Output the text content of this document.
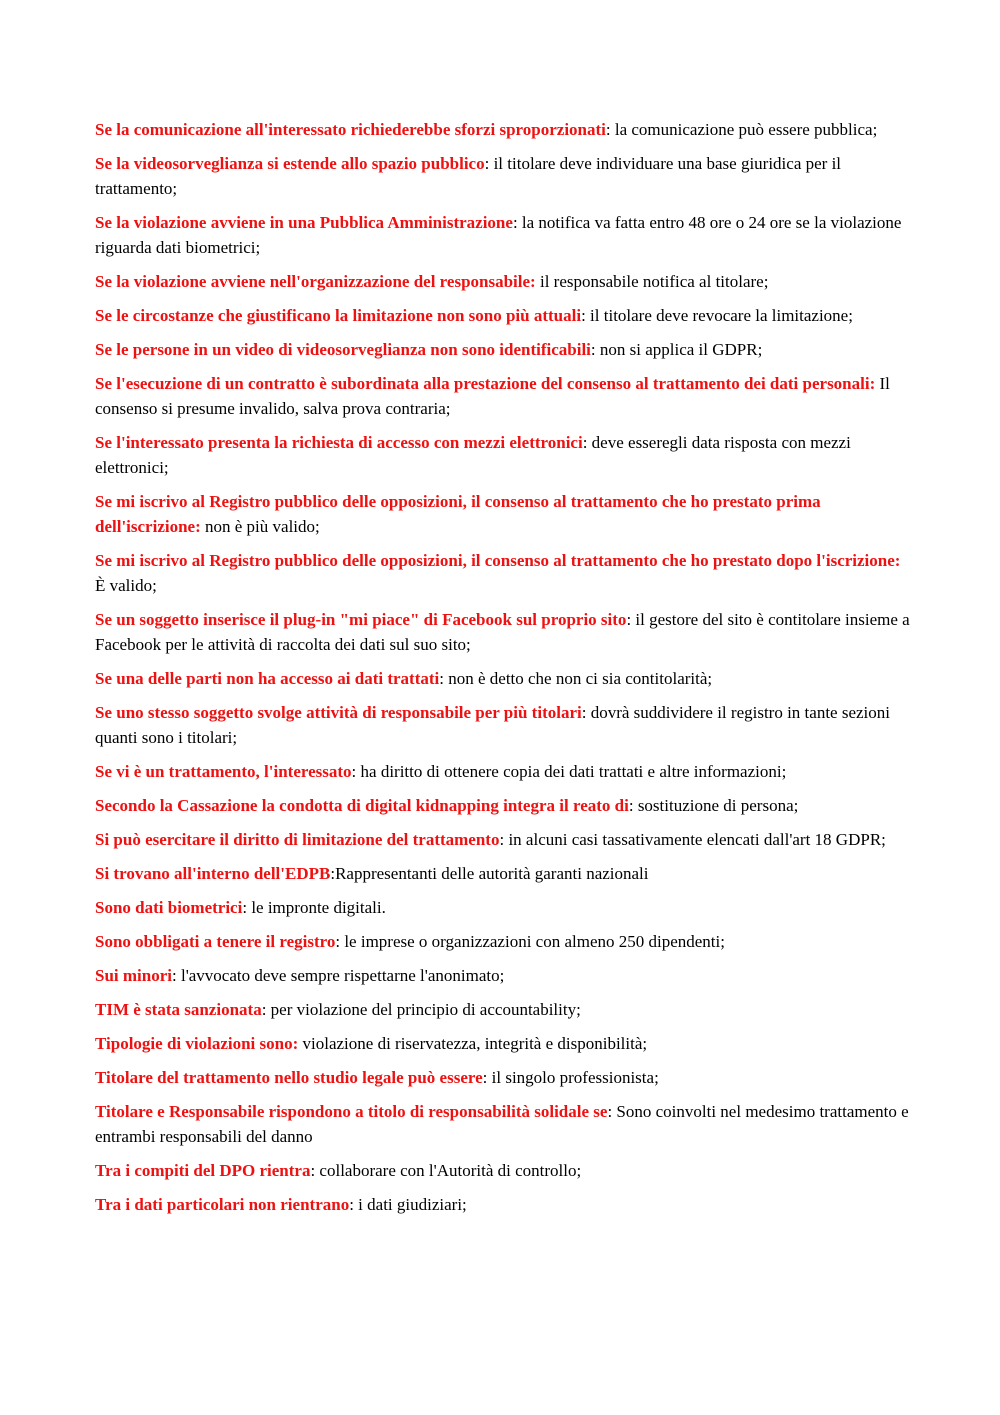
Se la comunicazione all'interessato richiederebbe sforzi sproporzionati: la comunicazione può essere pubblica;

Se la videosorveglianza si estende allo spazio pubblico: il titolare deve individuare una base giuridica per il trattamento;

Se la violazione avviene in una Pubblica Amministrazione: la notifica va fatta entro 48 ore o 24 ore se la violazione riguarda dati biometrici;

Se la violazione avviene nell'organizzazione del responsabile: il responsabile notifica al titolare;

Se le circostanze che giustificano la limitazione non sono più attuali: il titolare deve revocare la limitazione;

Se le persone in un video di videosorveglianza non sono identificabili: non si applica il GDPR;

Se l'esecuzione di un contratto è subordinata alla prestazione del consenso al trattamento dei dati personali: Il consenso si presume invalido, salva prova contraria;

Se l'interessato presenta la richiesta di accesso con mezzi elettronici: deve esseregli data risposta con mezzi elettronici;

Se mi iscrivo al Registro pubblico delle opposizioni, il consenso al trattamento che ho prestato prima dell'iscrizione: non è più valido;

Se mi iscrivo al Registro pubblico delle opposizioni, il consenso al trattamento che ho prestato dopo l'iscrizione: È valido;

Se un soggetto inserisce il plug-in "mi piace" di Facebook sul proprio sito: il gestore del sito è contitolare insieme a Facebook per le attività di raccolta dei dati sul suo sito;

Se una delle parti non ha accesso ai dati trattati: non è detto che non ci sia contitolarità;

Se uno stesso soggetto svolge attività di responsabile per più titolari: dovrà suddividere il registro in tante sezioni quanti sono i titolari;

Se vi è un trattamento, l'interessato: ha diritto di ottenere copia dei dati trattati e altre informazioni;

Secondo la Cassazione la condotta di digital kidnapping integra il reato di: sostituzione di persona;

Si può esercitare il diritto di limitazione del trattamento: in alcuni casi tassativamente elencati dall'art 18 GDPR;

Si trovano all'interno dell'EDPB:Rappresentanti delle autorità garanti nazionali

Sono dati biometrici: le impronte digitali.

Sono obbligati a tenere il registro: le imprese o organizzazioni con almeno 250 dipendenti;

Sui minori: l'avvocato deve sempre rispettarne l'anonimato;

TIM è stata sanzionata: per violazione del principio di accountability;

Tipologie di violazioni sono: violazione di riservatezza, integrità e disponibilità;

Titolare del trattamento nello studio legale può essere: il singolo professionista;

Titolare e Responsabile rispondono a titolo di responsabilità solidale se: Sono coinvolti nel medesimo trattamento e entrambi responsabili del danno

Tra i compiti del DPO rientra: collaborare con l'Autorità di controllo;

Tra i dati particolari non rientrano: i dati giudiziari;
